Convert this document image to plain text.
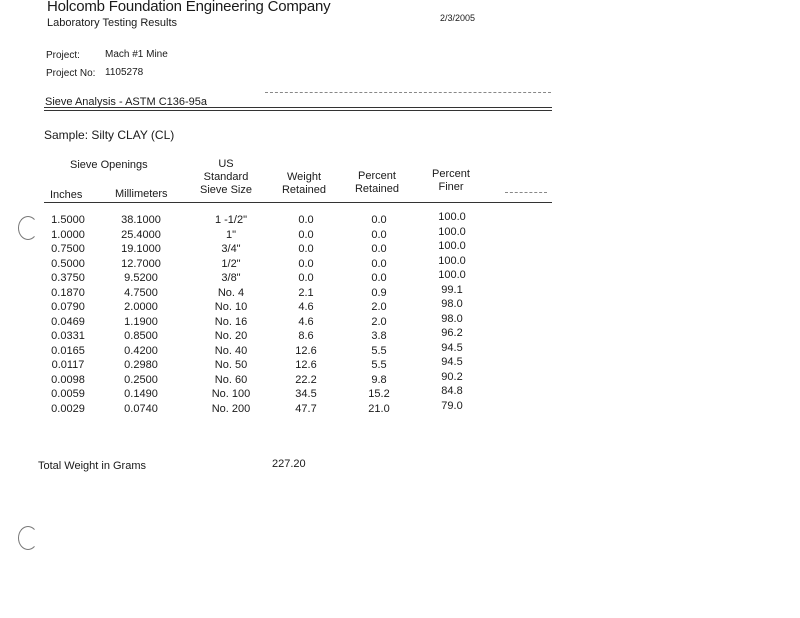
Holcomb Foundation Engineering Company
Laboratory Testing Results	2/3/2005
Project:	Mach #1 Mine
Project No: 1105278
Sieve Analysis - ASTM C136-95a
Sample: Silty CLAY (CL)
Sieve Openings
Inches	Millimeters
US
Standard
Sieve Size
Weight
Retained
Percent
Retained
Percent
Finer
1.5000	38.1000	1 -1/2"	0.0	0.0	100.0
1.0000	25.4000	1"	0.0	0.0	100.0
0.7500	19.1000	3/4"	0.0	0.0	100.0
0.5000	12.7000	1/2"	0.0	0.0	100.0
0.3750	9.5200	3/8"	0.0	0.0	100.0
0.1870	4.7500	No. 4	2.1	0.9	99.1
0.0790	2.0000	No. 10	4.6	2.0	98.0
0.0469	1.1900	No. 16	4.6	2.0	98.0
0.0331	0.8500	No. 20	8.6	3.8	96.2
0.0165	0.4200	No. 40	12.6	5.5	94.5
0.0117	0.2980	No. 50	12.6	5.5	94.5
0.0098	0.2500	No. 60	22.2	9.8	90.2
0.0059	0.1490	No. 100	34.5	15.2	84.8
0.0029	0.0740	No. 200	47.7	21.0	79.0
Total Weight in Grams	227.20
